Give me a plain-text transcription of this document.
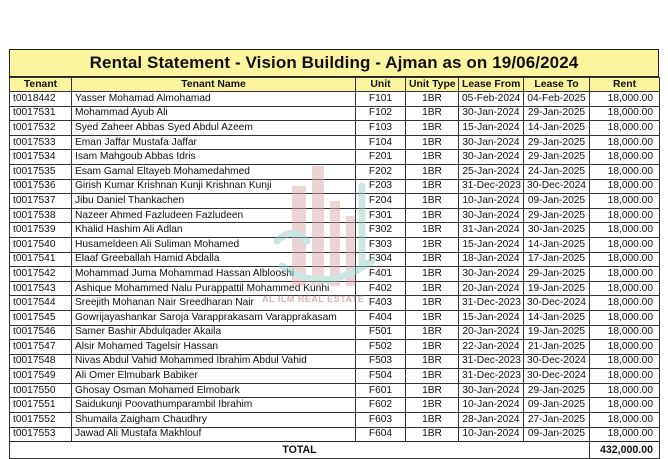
Rental Statement - Vision Building - Ajman as on 19/06/2024
Tenant	Tenant Name	Unit	Unit Type	Lease From	Lease To	Rent
t0018442	Yasser Mohamad Almohamad	F101	1BR	05-Feb-2024	04-Feb-2025	18,000.00
t0017531	Mohammad Ayub Ali	F102	1BR	30-Jan-2024	29-Jan-2025	18,000.00
t0017532	Syed Zaheer Abbas Syed Abdul Azeem	F103	1BR	15-Jan-2024	14-Jan-2025	18,000.00
t0017533	Eman Jaffar Mustafa Jaffar	F104	1BR	30-Jan-2024	29-Jan-2025	18,000.00
t0017534	Isam Mahgoub Abbas Idris	F201	1BR	30-Jan-2024	29-Jan-2025	18,000.00
t0017535	Esam Gamal Eltayeb Mohamedahmed	F202	1BR	25-Jan-2024	24-Jan-2025	18,000.00
t0017536	Girish Kumar Krishnan Kunji Krishnan Kunji	F203	1BR	31-Dec-2023	30-Dec-2024	18,000.00
t0017537	Jibu Daniel Thankachen	F204	1BR	10-Jan-2024	09-Jan-2025	18,000.00
t0017538	Nazeer Ahmed Fazludeen Fazludeen	F301	1BR	30-Jan-2024	29-Jan-2025	18,000.00
t0017539	Khalid Hashim Ali Adlan	F302	1BR	31-Jan-2024	30-Jan-2025	18,000.00
t0017540	Husameldeen Ali Suliman Mohamed	F303	1BR	15-Jan-2024	14-Jan-2025	18,000.00
t0017541	Elaaf Greeballah Hamid Abdalla	F304	1BR	18-Jan-2024	17-Jan-2025	18,000.00
t0017542	Mohammad Juma Mohammad Hassan Alblooshi	F401	1BR	30-Jan-2024	29-Jan-2025	18,000.00
t0017543	Ashique Mohammed Nalu Purappattil Mohammed Kunhi	F402	1BR	20-Jan-2024	19-Jan-2025	18,000.00
t0017544	Sreejith Mohanan Nair Sreedharan Nair	F403	1BR	31-Dec-2023	30-Dec-2024	18,000.00
t0017545	Gowrijayashankar Saroja Varapprakasam Varapprakasam	F404	1BR	15-Jan-2024	14-Jan-2025	18,000.00
t0017546	Samer Bashir Abdulqader Akaila	F501	1BR	20-Jan-2024	19-Jan-2025	18,000.00
t0017547	Alsir Mohamed Tagelsir Hassan	F502	1BR	22-Jan-2024	21-Jan-2025	18,000.00
t0017548	Nivas Abdul Vahid Mohammed Ibrahim Abdul Vahid	F503	1BR	31-Dec-2023	30-Dec-2024	18,000.00
t0017549	Ali Omer Elmubark Babiker	F504	1BR	31-Dec-2023	30-Dec-2024	18,000.00
t0017550	Ghosay Osman Mohamed Elmobark	F601	1BR	30-Jan-2024	29-Jan-2025	18,000.00
t0017551	Saidukunji Poovathumparambil Ibrahim	F602	1BR	10-Jan-2024	09-Jan-2025	18,000.00
t0017552	Shumaila Zaigham Chaudhry	F603	1BR	28-Jan-2024	27-Jan-2025	18,000.00
t0017553	Jawad Ali Mustafa Makhlouf	F604	1BR	10-Jan-2024	09-Jan-2025	18,000.00
TOTAL						432,000.00
AL ILM REAL ESTATE
